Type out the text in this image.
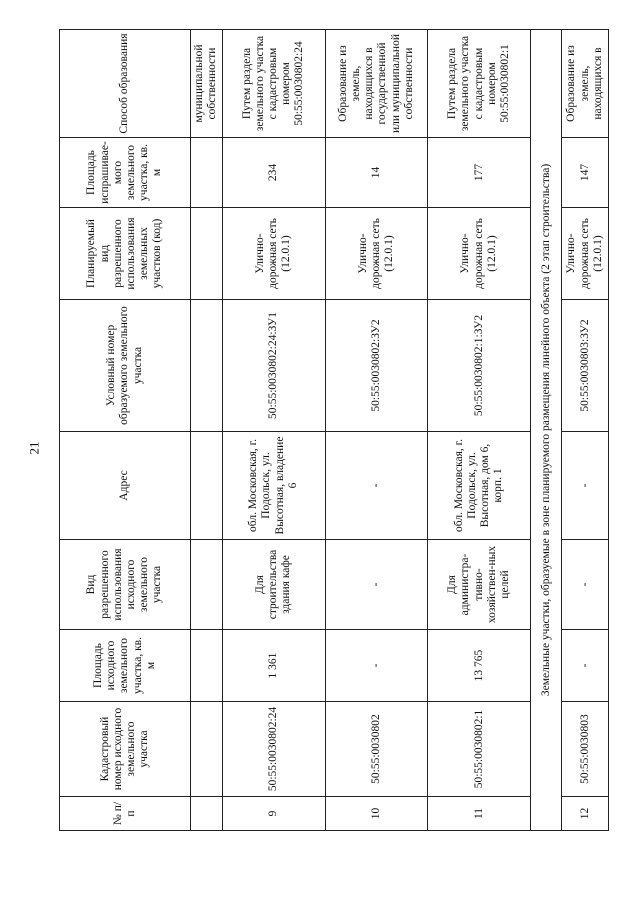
21
№ п/п	Кадастровый номер исходного земельного участка	Площадь исходного земельного участка, кв. м	Вид разрешенного использования исходного земельного участка	Адрес	Условный номер образуемого земельного участка	Планируемый вид разрешенного использования земельных участков (код)	Площадь испрашивае-мого земельного участка, кв. м	Способ образования
								муниципальной собственности
9	50:55:0030802:24	1 361	Для строительства здания кафе	обл. Московская, г. Подольск, ул. Высотная, владение 6	50:55:0030802:24:ЗУ1	Улично-дорожная сеть (12.0.1)	234	Путем раздела земельного участка с кадастровым номером 50:55:0030802:24
10	50:55:0030802	-	-	-	50:55:0030802:ЗУ2	Улично-дорожная сеть (12.0.1)	14	Образование из земель, находящихся в государственной или муниципальной собственности
11	50:55:0030802:1	13 765	Для администра-тивно-хозяйствен-ных целей	обл. Московская, г. Подольск, ул. Высотная, дом 6, корп. 1	50:55:0030802:1:ЗУ2	Улично-дорожная сеть (12.0.1)	177	Путем раздела земельного участка с кадастровым номером 50:55:0030802:1
Земельные участки, образуемые в зоне планируемого размещения линейного объекта (2 этап строительства)								
12	50:55:0030803	-	-	-	50:55:0030803:ЗУ2	Улично-дорожная сеть (12.0.1)	147	Образование из земель, находящихся в
